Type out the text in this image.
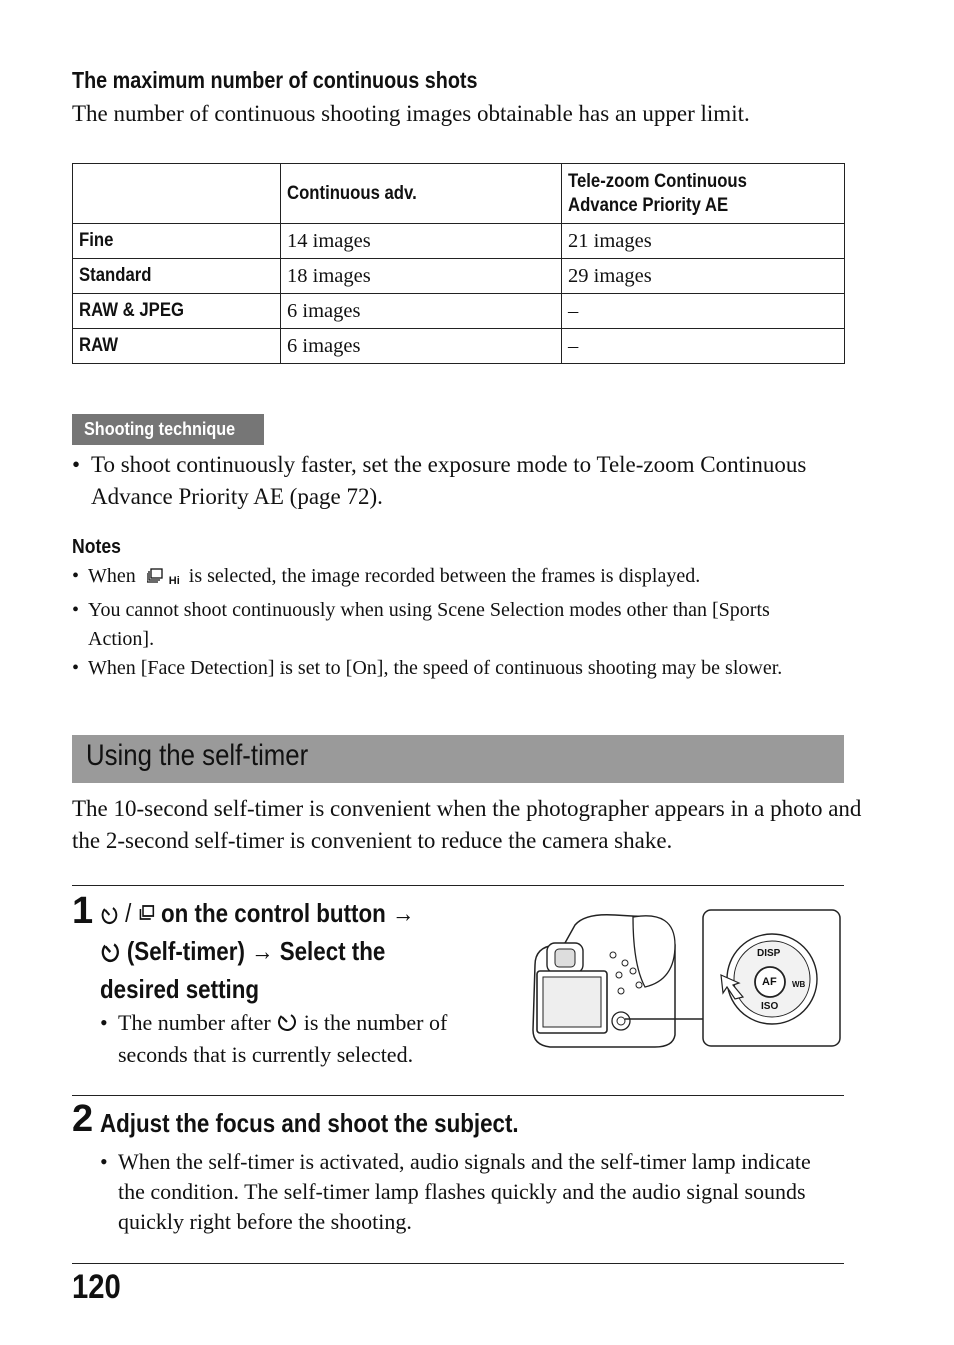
The maximum number of continuous shots
The number of continuous shooting images obtainable has an upper limit.
	Continuous adv.	Tele-zoom Continuous Advance Priority AE

Fine	14 images	21 images
Standard	18 images	29 images
RAW & JPEG	6 images	–
RAW	6 images	–
Shooting technique
• To shoot continuously faster, set the exposure mode to Tele-zoom Continuous Advance Priority AE (page 72).
Notes
• When	Hi is selected, the image recorded between the frames is displayed.
• You cannot shoot continuously when using Scene Selection modes other than [Sports Action].
• When [Face Detection] is set to [On], the speed of continuous shooting may be slower.
Using the self-timer
The 10-second self-timer is convenient when the photographer appears in a photo and the 2-second self-timer is convenient to reduce the camera shake.
1	/ on the control button →
(Self-timer) → Select the
desired setting
• The number after is the number of seconds that is currently selected.
DISP
AF WB
ISO
2 Adjust the focus and shoot the subject.
• When the self-timer is activated, audio signals and the self-timer lamp indicate the condition. The self-timer lamp flashes quickly and the audio signal sounds quickly right before the shooting.
120
